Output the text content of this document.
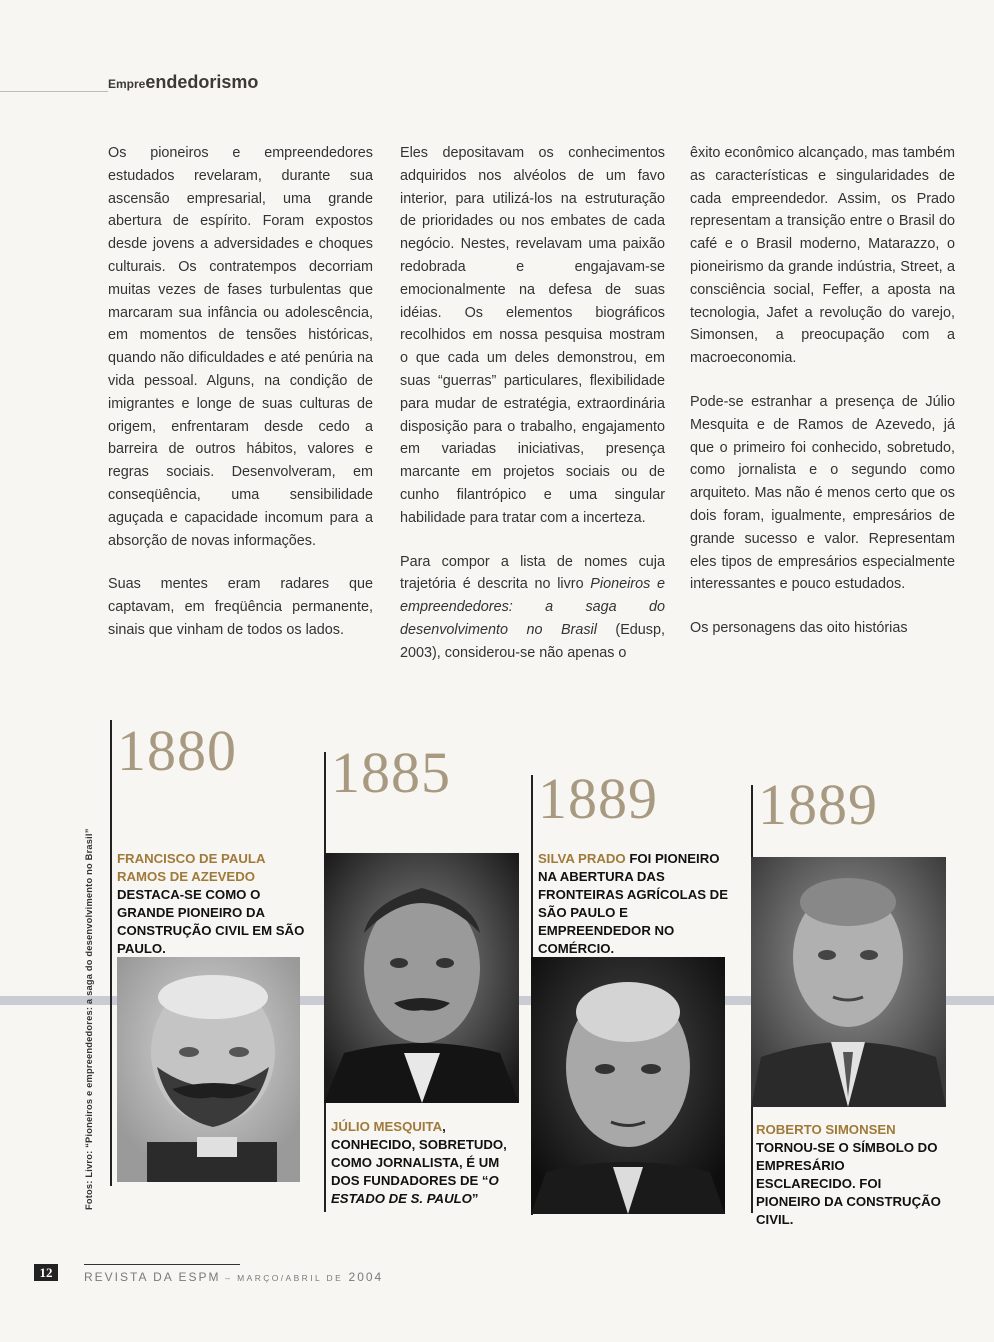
Empreendedorismo

Os pioneiros e empreendedores estudados revelaram, durante sua ascensão empresarial, uma grande abertura de espírito. Foram expostos desde jovens a adversidades e choques culturais. Os contratempos decorriam muitas vezes de fases turbulentas que marcaram sua infância ou adolescência, em momentos de tensões históricas, quando não dificuldades e até penúria na vida pessoal. Alguns, na condição de imigrantes e longe de suas culturas de origem, enfrentaram desde cedo a barreira de outros hábitos, valores e regras sociais. Desenvolveram, em conseqüência, uma sensibilidade aguçada e capacidade incomum para a absorção de novas informações.

Suas mentes eram radares que captavam, em freqüência permanente, sinais que vinham de todos os lados.

Eles depositavam os conhecimentos adquiridos nos alvéolos de um favo interior, para utilizá-los na estruturação de prioridades ou nos embates de cada negócio. Nestes, revelavam uma paixão redobrada e engajavam-se emocionalmente na defesa de suas idéias. Os elementos biográficos recolhidos em nossa pesquisa mostram o que cada um deles demonstrou, em suas “guerras” particulares, flexibilidade para mudar de estratégia, extraordinária disposição para o trabalho, engajamento em variadas iniciativas, presença marcante em projetos sociais ou de cunho filantrópico e uma singular habilidade para tratar com a incerteza.

Para compor a lista de nomes cuja trajetória é descrita no livro Pioneiros e empreendedores: a saga do desenvolvimento no Brasil (Edusp, 2003), considerou-se não apenas o

êxito econômico alcançado, mas também as características e singularidades de cada empreendedor. Assim, os Prado representam a transição entre o Brasil do café e o Brasil moderno, Matarazzo, o pioneirismo da grande indústria, Street, a consciência social, Feffer, a aposta na tecnologia, Jafet a revolução do varejo, Simonsen, a preocupação com a macroeconomia.

Pode-se estranhar a presença de Júlio Mesquita e de Ramos de Azevedo, já que o primeiro foi conhecido, sobretudo, como jornalista e o segundo como arquiteto. Mas não é menos certo que os dois foram, igualmente, empresários de grande sucesso e valor. Representam eles tipos de empresários especialmente interessantes e pouco estudados.

Os personagens das oito histórias

1880
FRANCISCO DE PAULA RAMOS DE AZEVEDO DESTACA-SE COMO O GRANDE PIONEIRO DA CONSTRUÇÃO CIVIL EM SÃO PAULO.
1885
JÚLIO MESQUITA, CONHECIDO, SOBRETUDO, COMO JORNALISTA, É UM DOS FUNDADORES DE “O ESTADO DE S. PAULO”
1889
SILVA PRADO FOI PIONEIRO NA ABERTURA DAS FRONTEIRAS AGRÍCOLAS DE SÃO PAULO E EMPREENDEDOR NO COMÉRCIO.
1889
ROBERTO SIMONSEN TORNOU-SE O SÍMBOLO DO EMPRESÁRIO ESCLARECIDO. FOI PIONEIRO DA CONSTRUÇÃO CIVIL.
Fotos: Livro: “Pioneiros e empreendedores: a saga do desenvolvimento no Brasil”
12	REVISTA DA ESPM – MARÇO/ABRIL DE 2004
